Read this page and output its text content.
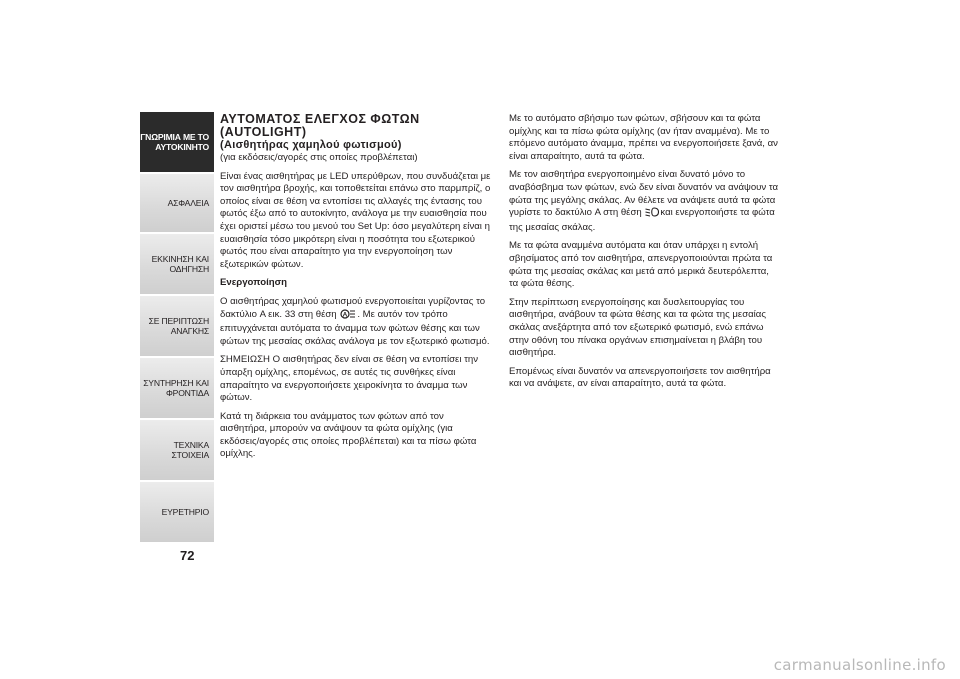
ΓΝΩΡΙΜΙΑ ΜΕ ΤΟ
ΑΥΤΟΚΙΝΗΤΟ
ΑΣΦΑΛΕΙΑ
ΕΚΚΙΝΗΣΗ ΚΑΙ
ΟΔΗΓΗΣΗ
ΣΕ ΠΕΡΙΠΤΩΣΗ
ΑΝΑΓΚΗΣ
ΣΥΝΤΗΡΗΣΗ ΚΑΙ
ΦΡΟΝΤΙΔΑ
ΤΕΧΝΙΚΑ ΣΤΟΙΧΕΙΑ
ΕΥΡΕΤΗΡΙΟ
72
ΑΥΤΟΜΑΤΟΣ ΕΛΕΓΧΟΣ ΦΩΤΩΝ
(AUTOLIGHT)
(Αισθητήρας χαμηλού φωτισμού)

(για εκδόσεις/αγορές στις οποίες προβλέπεται)

Είναι ένας αισθητήρας με LED υπερύθρων, που συνδυάζεται με τον αισθητήρα βροχής, και τοποθετείται επάνω στο παρμπρίζ, ο οποίος είναι σε θέση να εντοπίσει τις αλλαγές της έντασης του φωτός έξω από το αυτοκίνητο, ανάλογα με την ευαισθησία που έχει οριστεί μέσω του μενού του Set Up: όσο μεγαλύτερη είναι η ευαισθησία τόσο μικρότερη είναι η ποσότητα του εξωτερικού φωτός που είναι απαραίτητο για την ενεργοποίηση των εξωτερικών φώτων.

Ενεργοποίηση

Ο αισθητήρας χαμηλού φωτισμού ενεργοποιείται γυρίζοντας το δακτύλιο A εικ. 33 στη θέση A . Με αυτόν τον τρόπο επιτυγχάνεται αυτόματα το άναμμα των φώτων θέσης και των φώτων της μεσαίας σκάλας ανάλογα με τον εξωτερικό φωτισμό.

ΣΗΜΕΙΩΣΗ Ο αισθητήρας δεν είναι σε θέση να εντοπίσει την ύπαρξη ομίχλης, επομένως, σε αυτές τις συνθήκες είναι απαραίτητο να ενεργοποιήσετε χειροκίνητα το άναμμα των φώτων.

Κατά τη διάρκεια του ανάμματος των φώτων από τον αισθητήρα, μπορούν να ανάψουν τα φώτα ομίχλης (για εκδόσεις/αγορές στις οποίες προβλέπεται) και τα πίσω φώτα ομίχλης.

Με το αυτόματο σβήσιμο των φώτων, σβήσουν και τα φώτα ομίχλης και τα πίσω φώτα ομίχλης (αν ήταν αναμμένα). Με το επόμενο αυτόματο άναμμα, πρέπει να ενεργοποιήσετε ξανά, αν είναι απαραίτητο, αυτά τα φώτα.

Με τον αισθητήρα ενεργοποιημένο είναι δυνατό μόνο το αναβόσβημα των φώτων, ενώ δεν είναι δυνατόν να ανάψουν τα φώτα της μεγάλης σκάλας. Αν θέλετε να ανάψετε αυτά τα φώτα γυρίστε το δακτύλιο A στη θέση και ενεργοποιήστε τα φώτα της μεσαίας σκάλας.

Με τα φώτα αναμμένα αυτόματα και όταν υπάρχει η εντολή σβησίματος από τον αισθητήρα, απενεργοποιούνται πρώτα τα φώτα της μεσαίας σκάλας και μετά από μερικά δευτερόλεπτα, τα φώτα θέσης.

Στην περίπτωση ενεργοποίησης και δυσλειτουργίας του αισθητήρα, ανάβουν τα φώτα θέσης και τα φώτα της μεσαίας σκάλας ανεξάρτητα από τον εξωτερικό φωτισμό, ενώ επάνω στην οθόνη του πίνακα οργάνων επισημαίνεται η βλάβη του αισθητήρα.

Επομένως είναι δυνατόν να απενεργοποιήσετε τον αισθητήρα και να ανάψετε, αν είναι απαραίτητο, αυτά τα φώτα.

carmanualsonline.info
